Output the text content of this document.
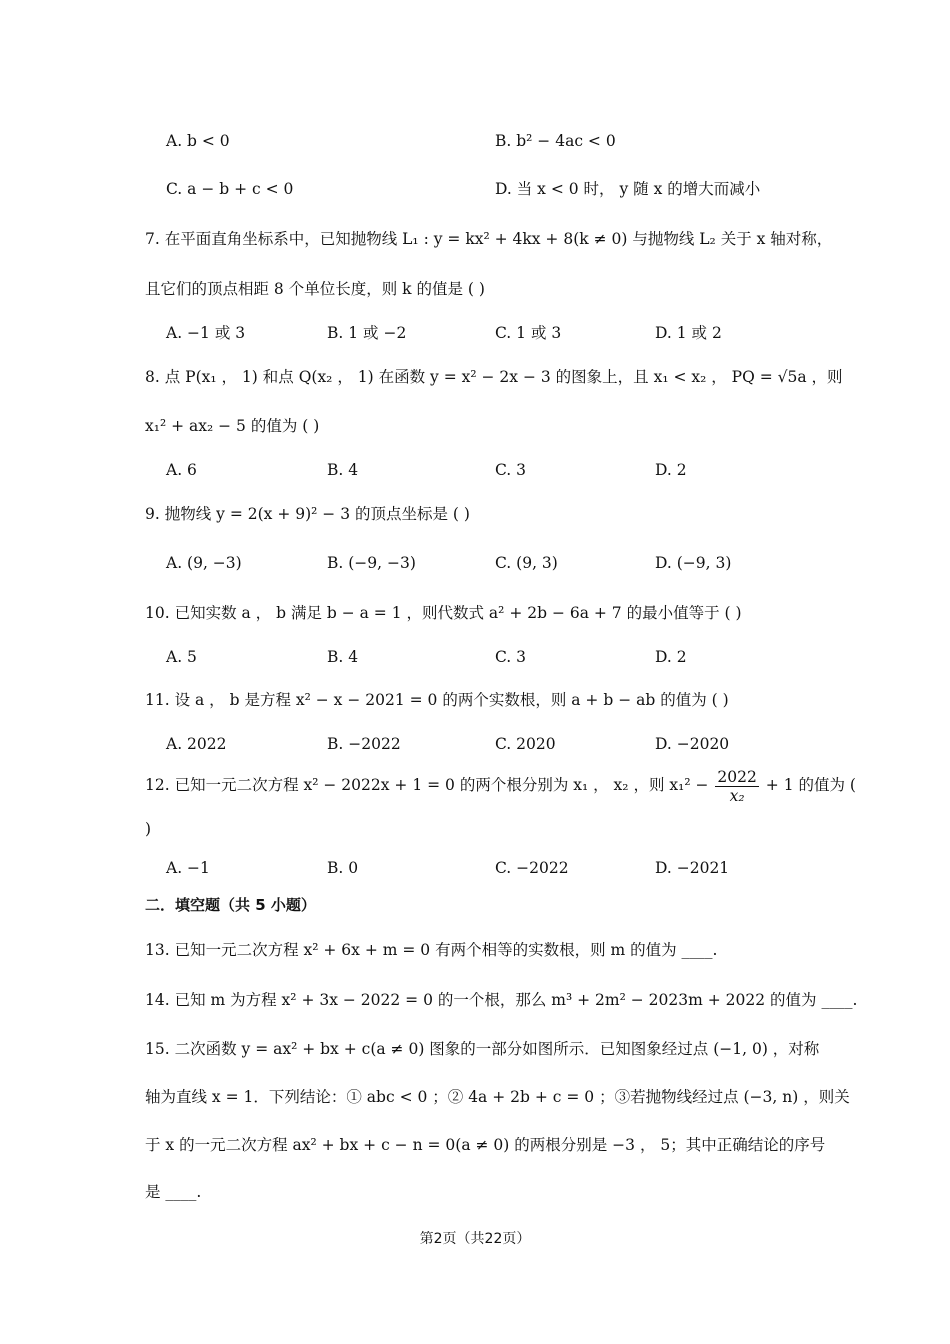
A. b < 0	B. b² − 4ac < 0
C. a − b + c < 0	D. 当 x < 0 时， y 随 x 的增大而减小
7. 在平面直角坐标系中，已知抛物线 L₁ : y = kx² + 4kx + 8(k ≠ 0) 与抛物线 L₂ 关于 x 轴对称，
且它们的顶点相距 8 个单位长度，则 k 的值是 ( )
A. −1 或 3	B. 1 或 −2	C. 1 或 3	D. 1 或 2
8. 点 P(x₁ ， 1) 和点 Q(x₂ ， 1) 在函数 y = x² − 2x − 3 的图象上，且 x₁ < x₂ ， PQ = √5a ，则
x₁² + ax₂ − 5 的值为 ( )
A. 6	B. 4	C. 3	D. 2
9. 抛物线 y = 2(x + 9)² − 3 的顶点坐标是 ( )
A. (9, −3)	B. (−9, −3)	C. (9, 3)	D. (−9, 3)
10. 已知实数 a ， b 满足 b − a = 1 ，则代数式 a² + 2b − 6a + 7 的最小值等于 ( )
A. 5	B. 4	C. 3	D. 2
11. 设 a ， b 是方程 x² − x − 2021 = 0 的两个实数根，则 a + b − ab 的值为 ( )
A. 2022	B. −2022	C. 2020	D. −2020
12. 已知一元二次方程 x² − 2022x + 1 = 0 的两个根分别为 x₁ ， x₂ ，则 $x_1^2 - \frac{2022}{\text{x₂}} + 1$ 的值为 (
)
A. −1	B. 0	C. −2022	D. −2021
二．填空题（共 5 小题）
13. 已知一元二次方程 x² + 6x + m = 0 有两个相等的实数根，则 m 的值为 ____.
14. 已知 m 为方程 x² + 3x − 2022 = 0 的一个根，那么 m³ + 2m² − 2023m + 2022 的值为 ____.
15. 二次函数 y = ax² + bx + c(a ≠ 0) 图象的一部分如图所示．已知图象经过点 (−1, 0) ，对称
轴为直线 x = 1．下列结论：① abc < 0 ；② 4a + 2b + c = 0 ；③若抛物线经过点 (−3, n) ，则关
于 x 的一元二次方程 ax² + bx + c − n = 0(a ≠ 0) 的两根分别是 −3 ， 5；其中正确结论的序号
是 ____.
第2页（共22页）
